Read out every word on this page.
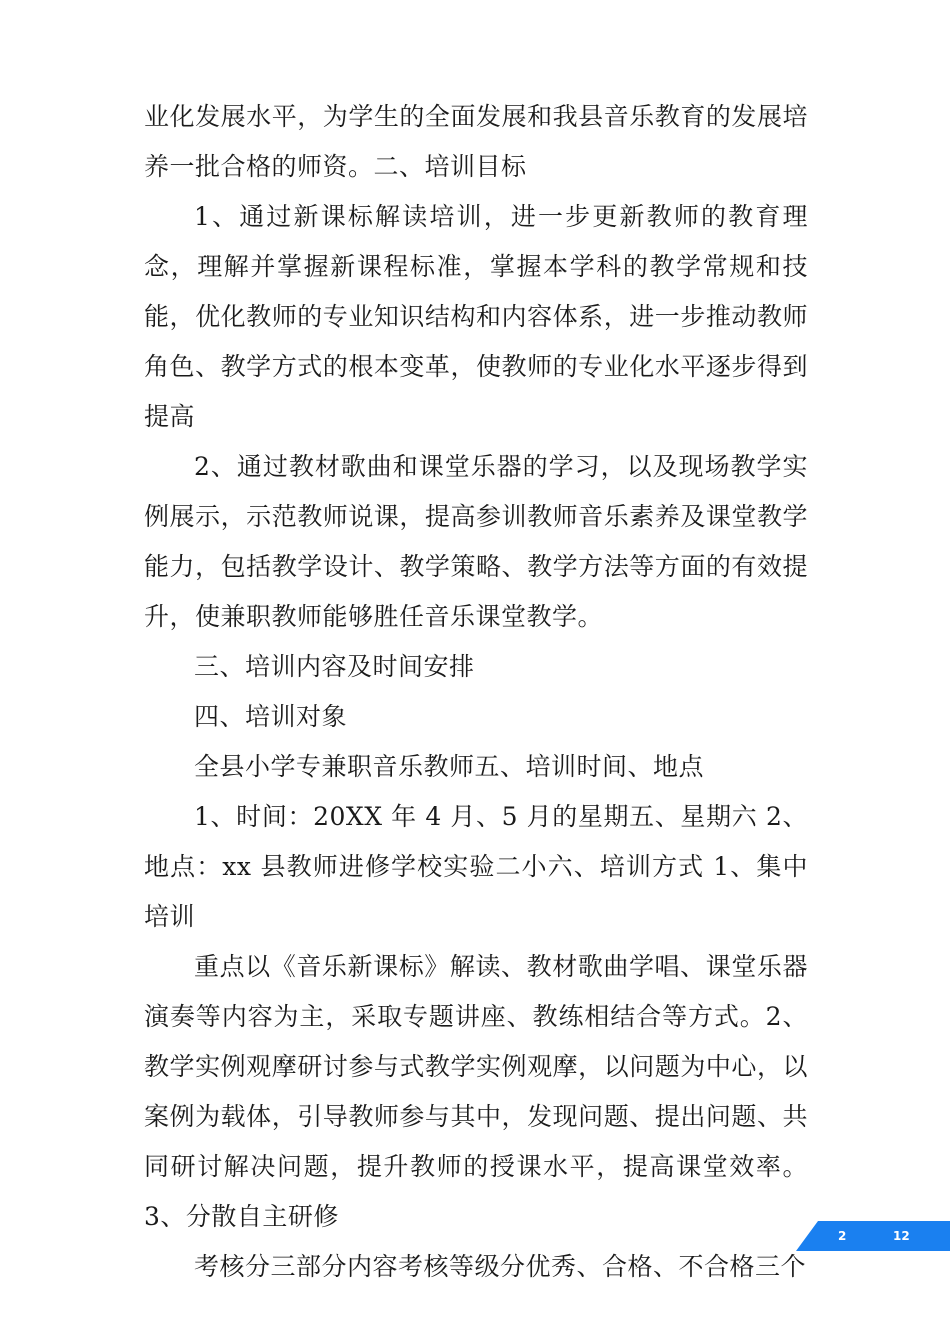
业化发展水平，为学生的全面发展和我县音乐教育的发展培养一批合格的师资。二、培训目标

1、通过新课标解读培训，进一步更新教师的教育理念，理解并掌握新课程标准，掌握本学科的教学常规和技能，优化教师的专业知识结构和内容体系，进一步推动教师角色、教学方式的根本变革，使教师的专业化水平逐步得到提高

2、通过教材歌曲和课堂乐器的学习，以及现场教学实例展示，示范教师说课，提高参训教师音乐素养及课堂教学能力，包括教学设计、教学策略、教学方法等方面的有效提升，使兼职教师能够胜任音乐课堂教学。

三、培训内容及时间安排

四、培训对象

全县小学专兼职音乐教师五、培训时间、地点

1、时间：20XX 年 4 月、5 月的星期五、星期六 2、地点：xx 县教师进修学校实验二小六、培训方式 1、集中培训

重点以《音乐新课标》解读、教材歌曲学唱、课堂乐器演奏等内容为主，采取专题讲座、教练相结合等方式。2、教学实例观摩研讨参与式教学实例观摩，以问题为中心，以案例为载体，引导教师参与其中，发现问题、提出问题、共同研讨解决问题，提升教师的授课水平，提高课堂效率。3、分散自主研修

考核分三部分内容考核等级分优秀、合格、不合格三个

2	12
